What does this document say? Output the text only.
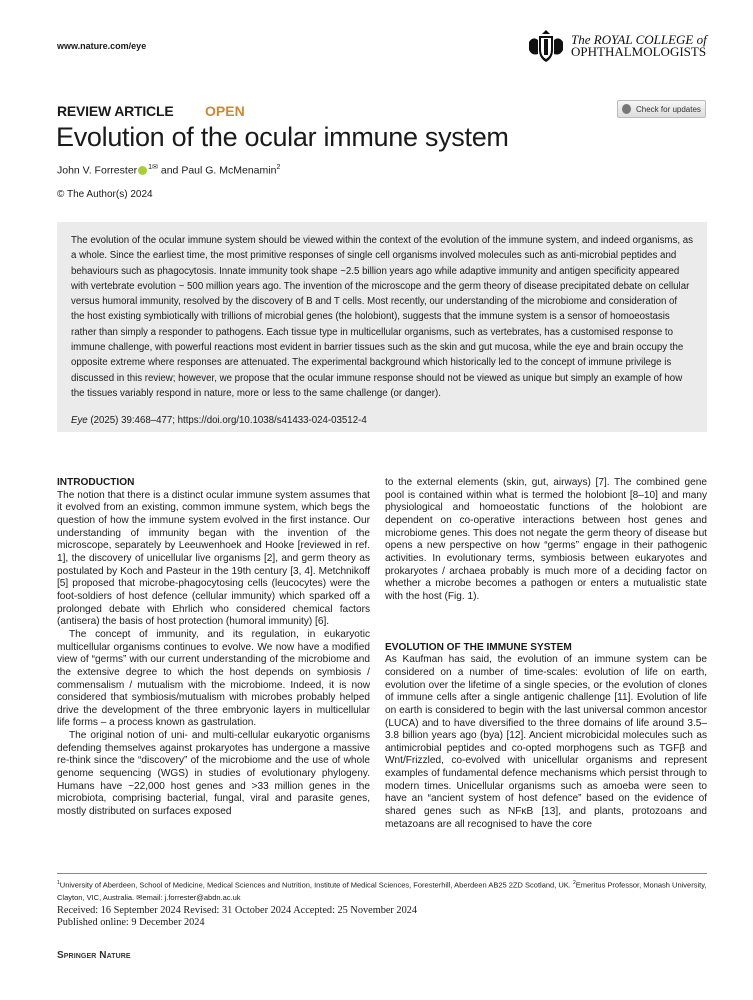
www.nature.com/eye	The ROYAL COLLEGE of
OPHTHALMOLOGISTS
REVIEW ARTICLE OPEN	Check for updates
Evolution of the ocular immune system
John V. Forrester $^{1✉}$ and Paul G. McMenamin$^2$
© The Author(s) 2024

The evolution of the ocular immune system should be viewed within the context of the evolution of the immune system, and indeed organisms, as a whole. Since the earliest time, the most primitive responses of single cell organisms involved molecules such as anti-microbial peptides and behaviours such as phagocytosis. Innate immunity took shape ~2.5 billion years ago while adaptive immunity and antigen specificity appeared with vertebrate evolution ~ 500 million years ago. The invention of the microscope and the germ theory of disease precipitated debate on cellular versus humoral immunity, resolved by the discovery of B and T cells. Most recently, our understanding of the microbiome and consideration of the host existing symbiotically with trillions of microbial genes (the holobiont), suggests that the immune system is a sensor of homoeostasis rather than simply a responder to pathogens. Each tissue type in multicellular organisms, such as vertebrates, has a customised response to immune challenge, with powerful reactions most evident in barrier tissues such as the skin and gut mucosa, while the eye and brain occupy the opposite extreme where responses are attenuated. The experimental background which historically led to the concept of immune privilege is discussed in this review; however, we propose that the ocular immune response should not be viewed as unique but simply an example of how the tissues variably respond in nature, more or less to the same challenge (or danger).

Eye (2025) 39:468–477; https://doi.org/10.1038/s41433-024-03512-4

INTRODUCTION

The notion that there is a distinct ocular immune system assumes that it evolved from an existing, common immune system, which begs the question of how the immune system evolved in the first instance. Our understanding of immunity began with the invention of the microscope, separately by Leeuwenhoek and Hooke [reviewed in ref. 1], the discovery of unicellular live organisms [2], and germ theory as postulated by Koch and Pasteur in the 19th century [3, 4]. Metchnikoff [5] proposed that microbe-phagocytosing cells (leucocytes) were the foot-soldiers of host defence (cellular immunity) which sparked off a prolonged debate with Ehrlich who considered chemical factors (antisera) the basis of host protection (humoral immunity) [6].

The concept of immunity, and its regulation, in eukaryotic multicellular organisms continues to evolve. We now have a modified view of “germs” with our current understanding of the microbiome and the extensive degree to which the host depends on symbiosis / commensalism / mutualism with the microbiome. Indeed, it is now considered that symbiosis/mutualism with microbes probably helped drive the development of the three embryonic layers in multicellular life forms – a process known as gastrulation.

The original notion of uni- and multi-cellular eukaryotic organisms defending themselves against prokaryotes has undergone a massive re-think since the “discovery” of the microbiome and the use of whole genome sequencing (WGS) in studies of evolutionary phylogeny. Humans have ~22,000 host genes and >33 million genes in the microbiota, comprising bacterial, fungal, viral and parasite genes, mostly distributed on surfaces exposed

to the external elements (skin, gut, airways) [7]. The combined gene pool is contained within what is termed the holobiont [8–10] and many physiological and homoeostatic functions of the holobiont are dependent on co-operative interactions between host genes and microbiome genes. This does not negate the germ theory of disease but opens a new perspective on how “germs” engage in their pathogenic activities. In evolutionary terms, symbiosis between eukaryotes and prokaryotes / archaea probably is much more of a deciding factor on whether a microbe becomes a pathogen or enters a mutualistic state with the host (Fig. 1).

EVOLUTION OF THE IMMUNE SYSTEM

As Kaufman has said, the evolution of an immune system can be considered on a number of time-scales: evolution of life on earth, evolution over the lifetime of a single species, or the evolution of clones of immune cells after a single antigenic challenge [11]. Evolution of life on earth is considered to begin with the last universal common ancestor (LUCA) and to have diversified to the three domains of life around 3.5–3.8 billion years ago (bya) [12]. Ancient microbicidal molecules such as antimicrobial peptides and co-opted morphogens such as TGFβ and Wnt/Frizzled, co-evolved with unicellular organisms and represent examples of fundamental defence mechanisms which persist through to modern times. Unicellular organisms such as amoeba were seen to have an “ancient system of host defence” based on the evidence of shared genes such as NFκB [13], and plants, protozoans and metazoans are all recognised to have the core

$^1$University of Aberdeen, School of Medicine, Medical Sciences and Nutrition, Institute of Medical Sciences, Foresterhill, Aberdeen AB25 2ZD Scotland, UK. $^2$Emeritus Professor, Monash University, Clayton, VIC, Australia. ✉email: j.forrester@abdn.ac.uk
Received: 16 September 2024 Revised: 31 October 2024 Accepted: 25 November 2024
Published online: 9 December 2024
Springer Nature
